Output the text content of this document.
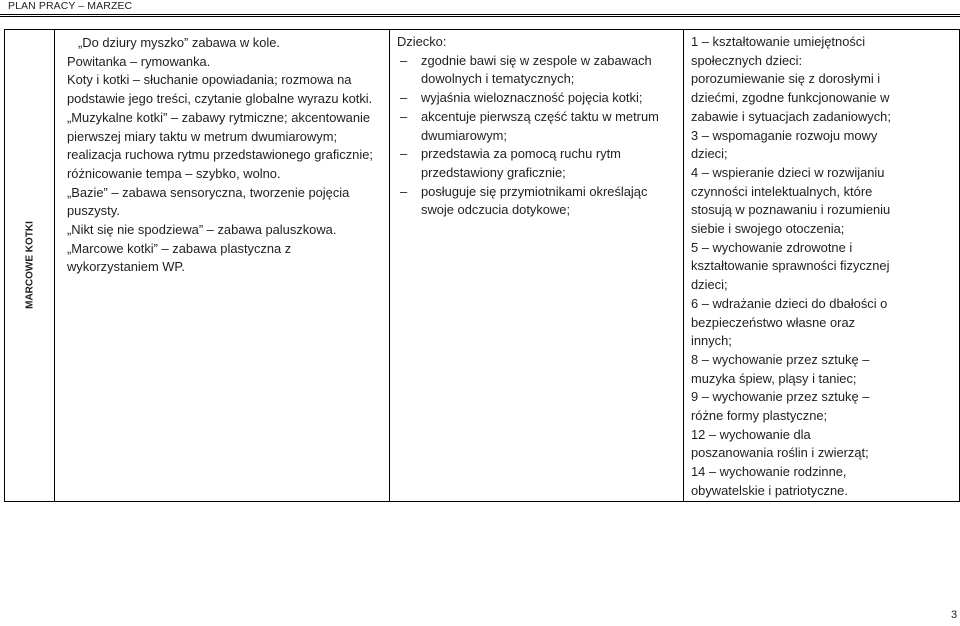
PLAN PRACY – MARZEC
MARCOWE KOTKI

„Do dziury myszko” zabawa w kole.
Powitanka – rymowanka.
Koty i kotki – słuchanie opowiadania; rozmowa na
podstawie jego treści, czytanie globalne wyrazu kotki.
„Muzykalne kotki” – zabawy rytmiczne; akcentowanie
pierwszej miary taktu w metrum dwumiarowym;
realizacja ruchowa rytmu przedstawionego graficznie;
różnicowanie tempa – szybko, wolno.
„Bazie” – zabawa sensoryczna, tworzenie pojęcia
puszysty.
„Nikt się nie spodziewa” – zabawa paluszkowa.
„Marcowe kotki” – zabawa plastyczna z
wykorzystaniem WP.

Dziecko:
– zgodnie bawi się w zespole w zabawach
dowolnych i tematycznych;
– wyjaśnia wieloznaczność pojęcia kotki;
– akcentuje pierwszą część taktu w metrum
dwumiarowym;
– przedstawia za pomocą ruchu rytm
przedstawiony graficznie;
– posługuje się przymiotnikami określając
swoje odczucia dotykowe;

1 – kształtowanie umiejętności
społecznych dzieci:
porozumiewanie się z dorosłymi i
dziećmi, zgodne funkcjonowanie w
zabawie i sytuacjach zadaniowych;
3 – wspomaganie rozwoju mowy
dzieci;
4 – wspieranie dzieci w rozwijaniu
czynności intelektualnych, które
stosują w poznawaniu i rozumieniu
siebie i swojego otoczenia;
5 – wychowanie zdrowotne i
kształtowanie sprawności fizycznej
dzieci;
6 – wdrażanie dzieci do dbałości o
bezpieczeństwo własne oraz
innych;
8 – wychowanie przez sztukę –
muzyka śpiew, pląsy i taniec;
9 – wychowanie przez sztukę –
różne formy plastyczne;
12 – wychowanie dla
poszanowania roślin i zwierząt;
14 – wychowanie rodzinne,
obywatelskie i patriotyczne.
3
